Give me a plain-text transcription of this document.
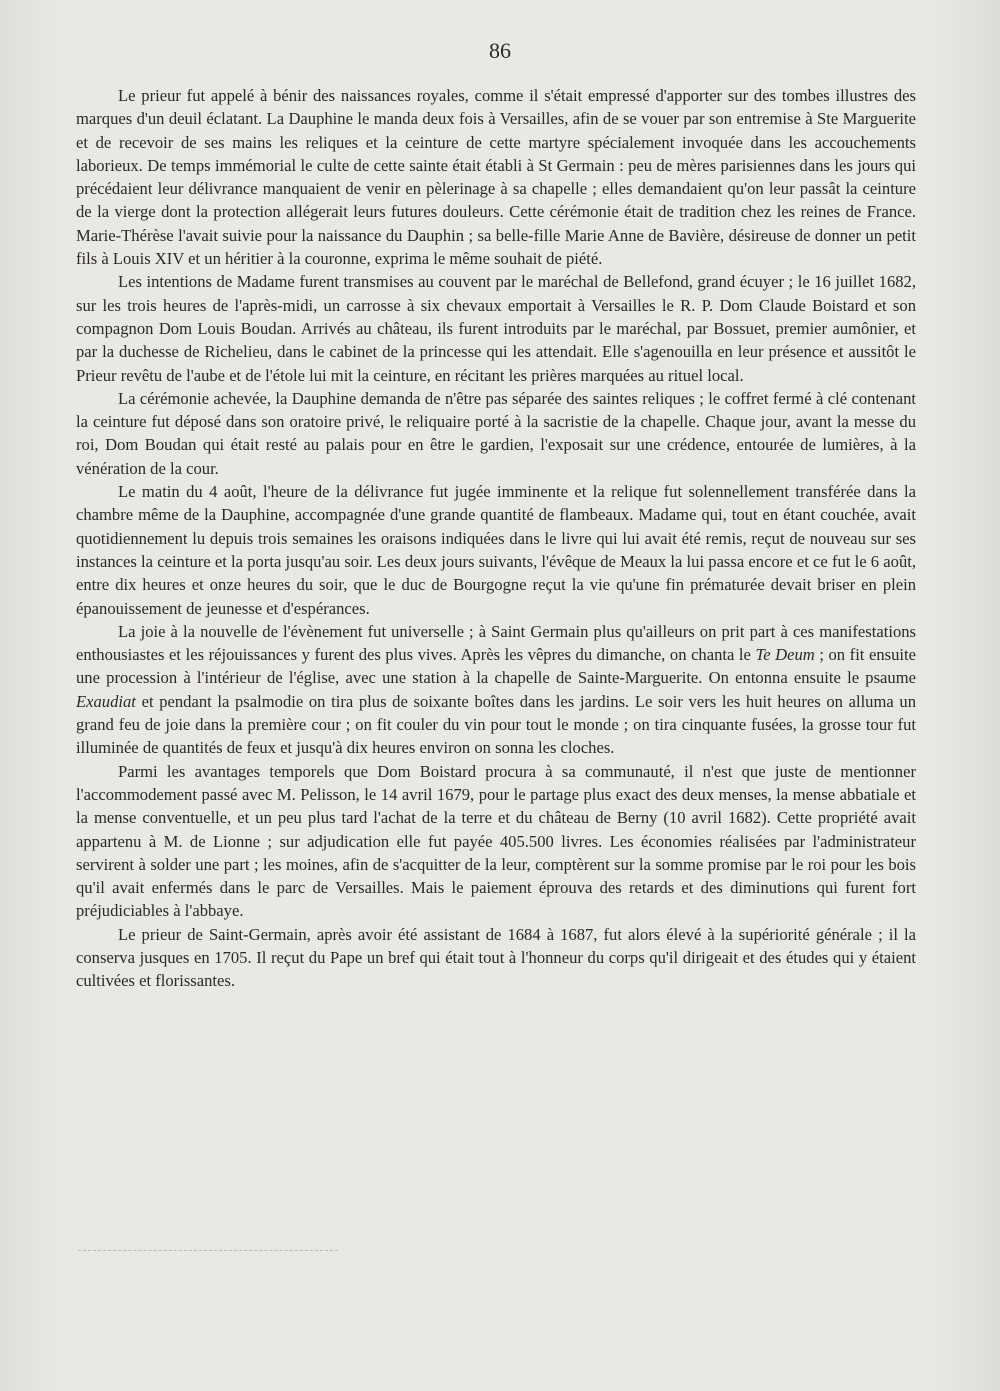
86

Le prieur fut appelé à bénir des naissances royales, comme il s'était empressé d'apporter sur des tombes illustres des marques d'un deuil éclatant. La Dauphine le manda deux fois à Versailles, afin de se vouer par son entremise à Ste Marguerite et de recevoir de ses mains les reliques et la ceinture de cette martyre spécialement invoquée dans les accouchements laborieux. De temps immémorial le culte de cette sainte était établi à St Germain : peu de mères parisiennes dans les jours qui précédaient leur délivrance manquaient de venir en pèlerinage à sa chapelle ; elles demandaient qu'on leur passât la ceinture de la vierge dont la protection allégerait leurs futures douleurs. Cette cérémonie était de tradition chez les reines de France. Marie-Thérèse l'avait suivie pour la naissance du Dauphin ; sa belle-fille Marie Anne de Bavière, désireuse de donner un petit fils à Louis XIV et un héritier à la couronne, exprima le même souhait de piété.

Les intentions de Madame furent transmises au couvent par le maréchal de Bellefond, grand écuyer ; le 16 juillet 1682, sur les trois heures de l'après-midi, un carrosse à six chevaux emportait à Versailles le R. P. Dom Claude Boistard et son compagnon Dom Louis Boudan. Arrivés au château, ils furent introduits par le maréchal, par Bossuet, premier aumônier, et par la duchesse de Richelieu, dans le cabinet de la princesse qui les attendait. Elle s'agenouilla en leur présence et aussitôt le Prieur revêtu de l'aube et de l'étole lui mit la ceinture, en récitant les prières marquées au rituel local.

La cérémonie achevée, la Dauphine demanda de n'être pas séparée des saintes reliques ; le coffret fermé à clé contenant la ceinture fut déposé dans son oratoire privé, le reliquaire porté à la sacristie de la chapelle. Chaque jour, avant la messe du roi, Dom Boudan qui était resté au palais pour en être le gardien, l'exposait sur une crédence, entourée de lumières, à la vénération de la cour.

Le matin du 4 août, l'heure de la délivrance fut jugée imminente et la relique fut solennellement transférée dans la chambre même de la Dauphine, accompagnée d'une grande quantité de flambeaux. Madame qui, tout en étant couchée, avait quotidiennement lu depuis trois semaines les oraisons indiquées dans le livre qui lui avait été remis, reçut de nouveau sur ses instances la ceinture et la porta jusqu'au soir. Les deux jours suivants, l'évêque de Meaux la lui passa encore et ce fut le 6 août, entre dix heures et onze heures du soir, que le duc de Bourgogne reçut la vie qu'une fin prématurée devait briser en plein épanouissement de jeunesse et d'espérances.

La joie à la nouvelle de l'évènement fut universelle ; à Saint Germain plus qu'ailleurs on prit part à ces manifestations enthousiastes et les réjouissances y furent des plus vives. Après les vêpres du dimanche, on chanta le Te Deum ; on fit ensuite une procession à l'intérieur de l'église, avec une station à la chapelle de Sainte-Marguerite. On entonna ensuite le psaume Exaudiat et pendant la psalmodie on tira plus de soixante boîtes dans les jardins. Le soir vers les huit heures on alluma un grand feu de joie dans la première cour ; on fit couler du vin pour tout le monde ; on tira cinquante fusées, la grosse tour fut illuminée de quantités de feux et jusqu'à dix heures environ on sonna les cloches.

Parmi les avantages temporels que Dom Boistard procura à sa communauté, il n'est que juste de mentionner l'accommodement passé avec M. Pelisson, le 14 avril 1679, pour le partage plus exact des deux menses, la mense abbatiale et la mense conventuelle, et un peu plus tard l'achat de la terre et du château de Berny (10 avril 1682). Cette propriété avait appartenu à M. de Lionne ; sur adjudication elle fut payée 405.500 livres. Les économies réalisées par l'administrateur servirent à solder une part ; les moines, afin de s'acquitter de la leur, comptèrent sur la somme promise par le roi pour les bois qu'il avait enfermés dans le parc de Versailles. Mais le paiement éprouva des retards et des diminutions qui furent fort préjudiciables à l'abbaye.

Le prieur de Saint-Germain, après avoir été assistant de 1684 à 1687, fut alors élevé à la supériorité générale ; il la conserva jusques en 1705. Il reçut du Pape un bref qui était tout à l'honneur du corps qu'il dirigeait et des études qui y étaient cultivées et florissantes.
